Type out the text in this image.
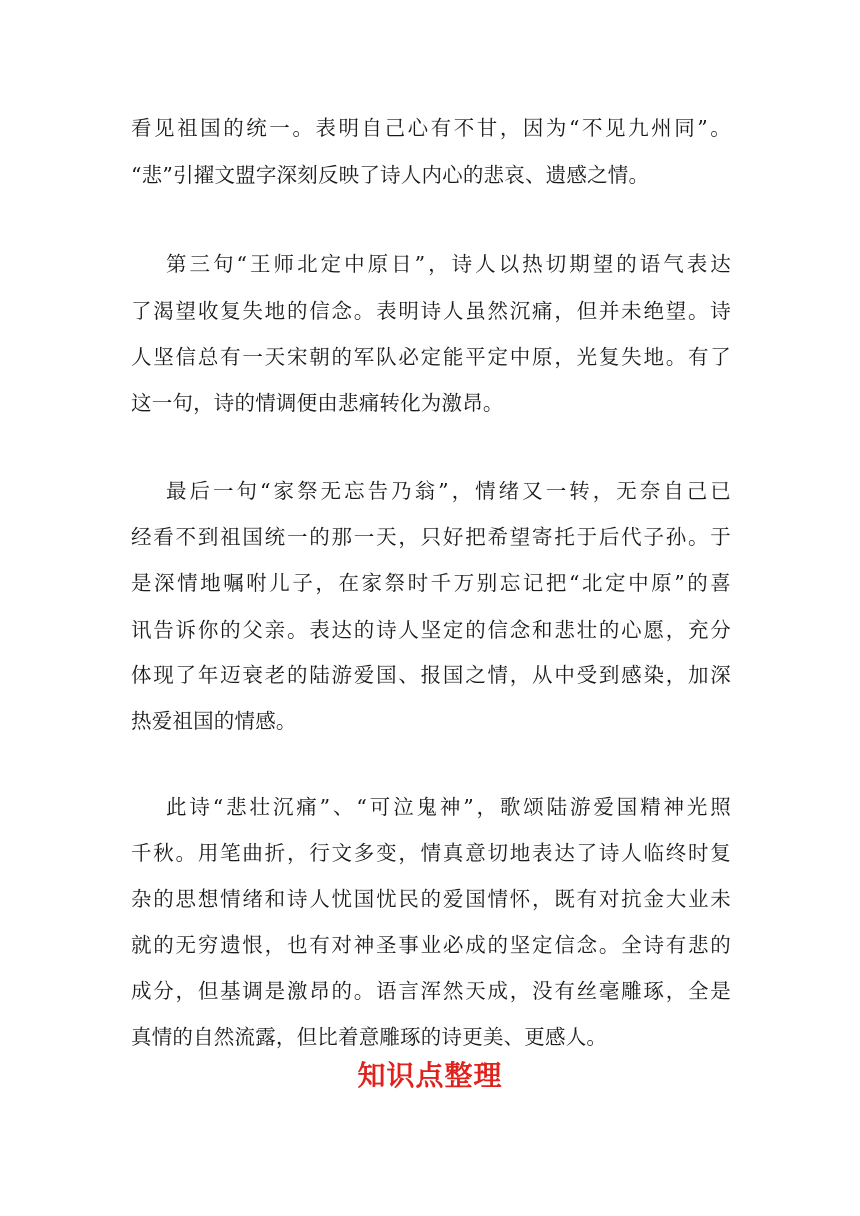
看见祖国的统一。表明自己心有不甘，因为“不见九州同”。
“悲”引擢文盟字深刻反映了诗人内心的悲哀、遗感之情。
第三句“王师北定中原日”，诗人以热切期望的语气表达
了渴望收复失地的信念。表明诗人虽然沉痛，但并未绝望。诗
人坚信总有一天宋朝的军队必定能平定中原，光复失地。有了
这一句，诗的情调便由悲痛转化为激昂。
最后一句“家祭无忘告乃翁”，情绪又一转，无奈自己已
经看不到祖国统一的那一天，只好把希望寄托于后代子孙。于
是深情地嘱咐儿子，在家祭时千万别忘记把“北定中原”的喜
讯告诉你的父亲。表达的诗人坚定的信念和悲壮的心愿，充分
体现了年迈衰老的陆游爱国、报国之情，从中受到感染，加深
热爱祖国的情感。
此诗“悲壮沉痛”、“可泣鬼神”，歌颂陆游爱国精神光照
千秋。用笔曲折，行文多变，情真意切地表达了诗人临终时复
杂的思想情绪和诗人忧国忧民的爱国情怀，既有对抗金大业未
就的无穷遗恨，也有对神圣事业必成的坚定信念。全诗有悲的
成分，但基调是激昂的。语言浑然天成，没有丝毫雕琢，全是
真情的自然流露，但比着意雕琢的诗更美、更感人。
知识点整理
